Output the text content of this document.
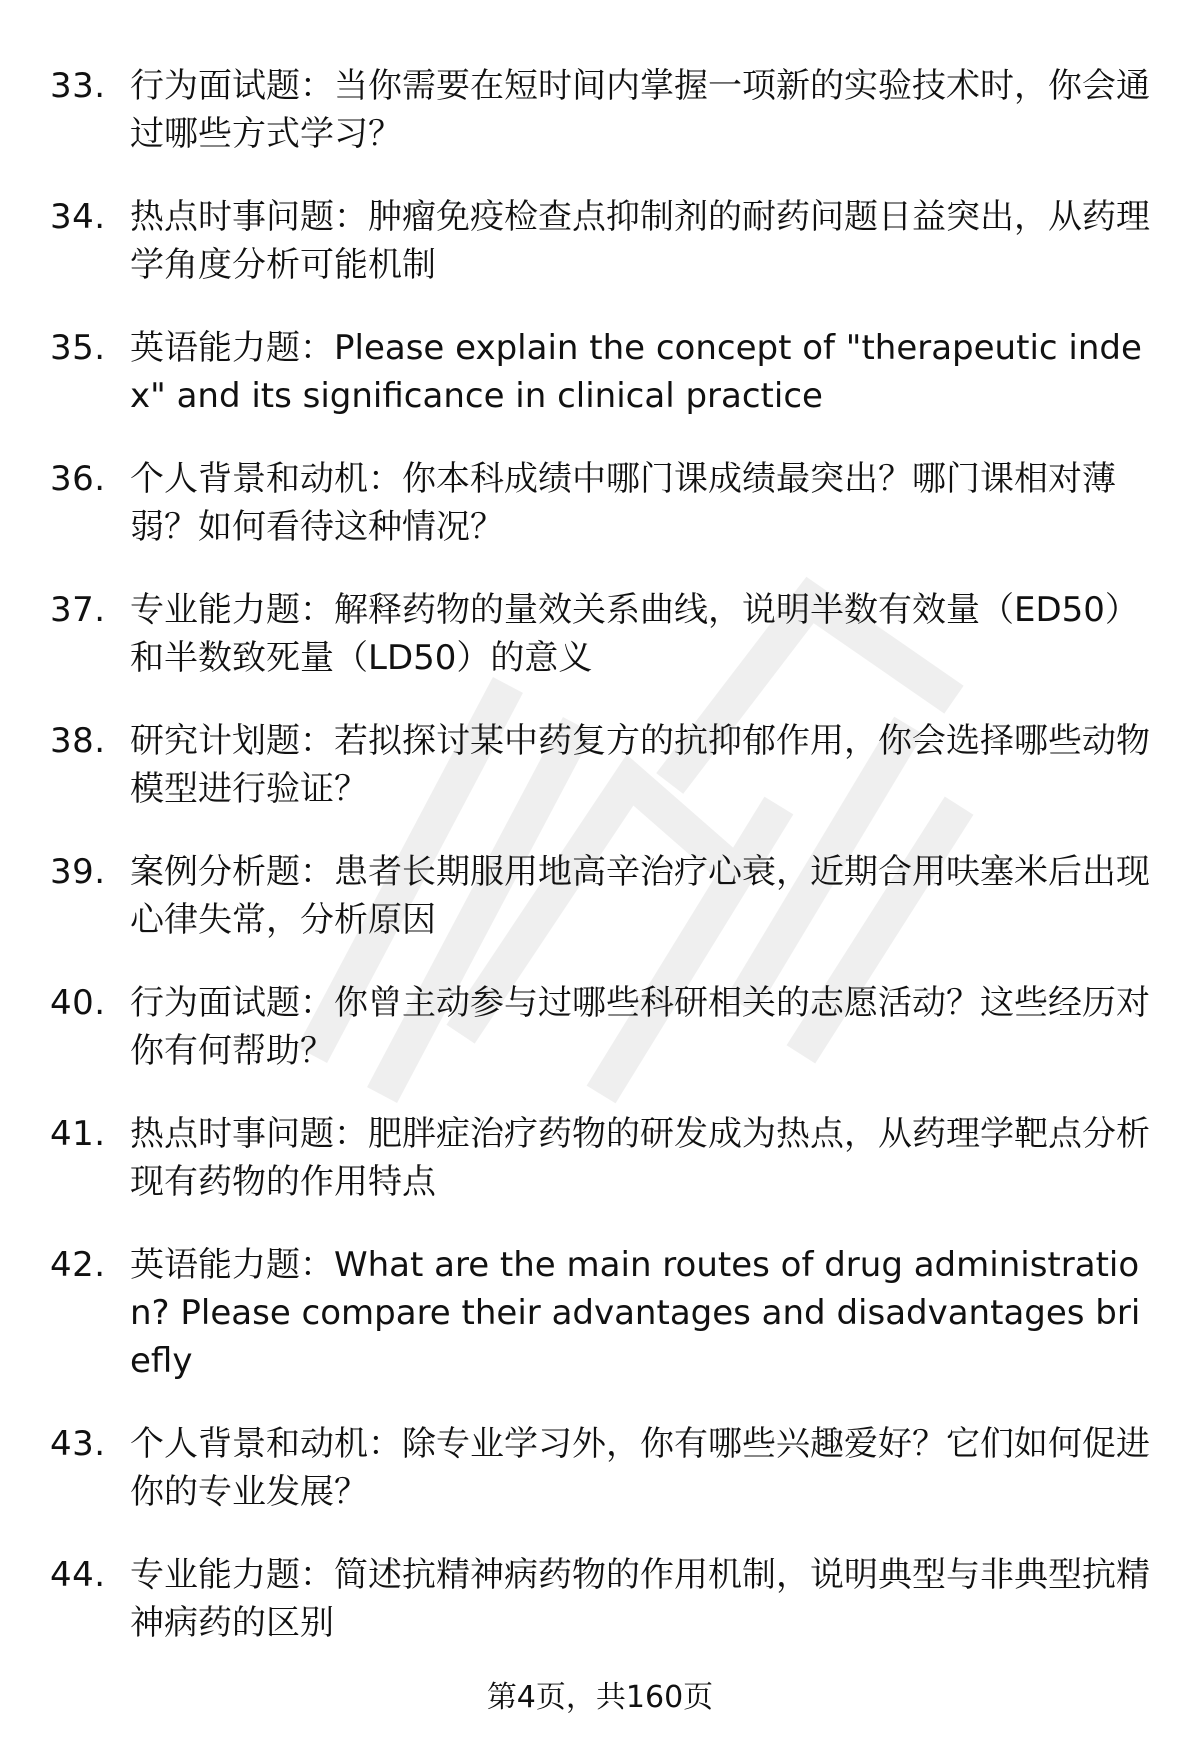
33. 行为面试题：当你需要在短时间内掌握一项新的实验技术时，你会通过哪些方式学习？
34. 热点时事问题：肿瘤免疫检查点抑制剂的耐药问题日益突出，从药理学角度分析可能机制
35. 英语能力题：Please explain the concept of "therapeutic index" and its significance in clinical practice
36. 个人背景和动机：你本科成绩中哪门课成绩最突出？哪门课相对薄弱？如何看待这种情况？
37. 专业能力题：解释药物的量效关系曲线，说明半数有效量（ED50）和半数致死量（LD50）的意义
38. 研究计划题：若拟探讨某中药复方的抗抑郁作用，你会选择哪些动物模型进行验证？
39. 案例分析题：患者长期服用地高辛治疗心衰，近期合用呋塞米后出现心律失常，分析原因
40. 行为面试题：你曾主动参与过哪些科研相关的志愿活动？这些经历对你有何帮助？
41. 热点时事问题：肥胖症治疗药物的研发成为热点，从药理学靶点分析现有药物的作用特点
42. 英语能力题：What are the main routes of drug administration? Please compare their advantages and disadvantages briefly
43. 个人背景和动机：除专业学习外，你有哪些兴趣爱好？它们如何促进你的专业发展？
44. 专业能力题：简述抗精神病药物的作用机制，说明典型与非典型抗精神病药的区别
第4页，共160页
